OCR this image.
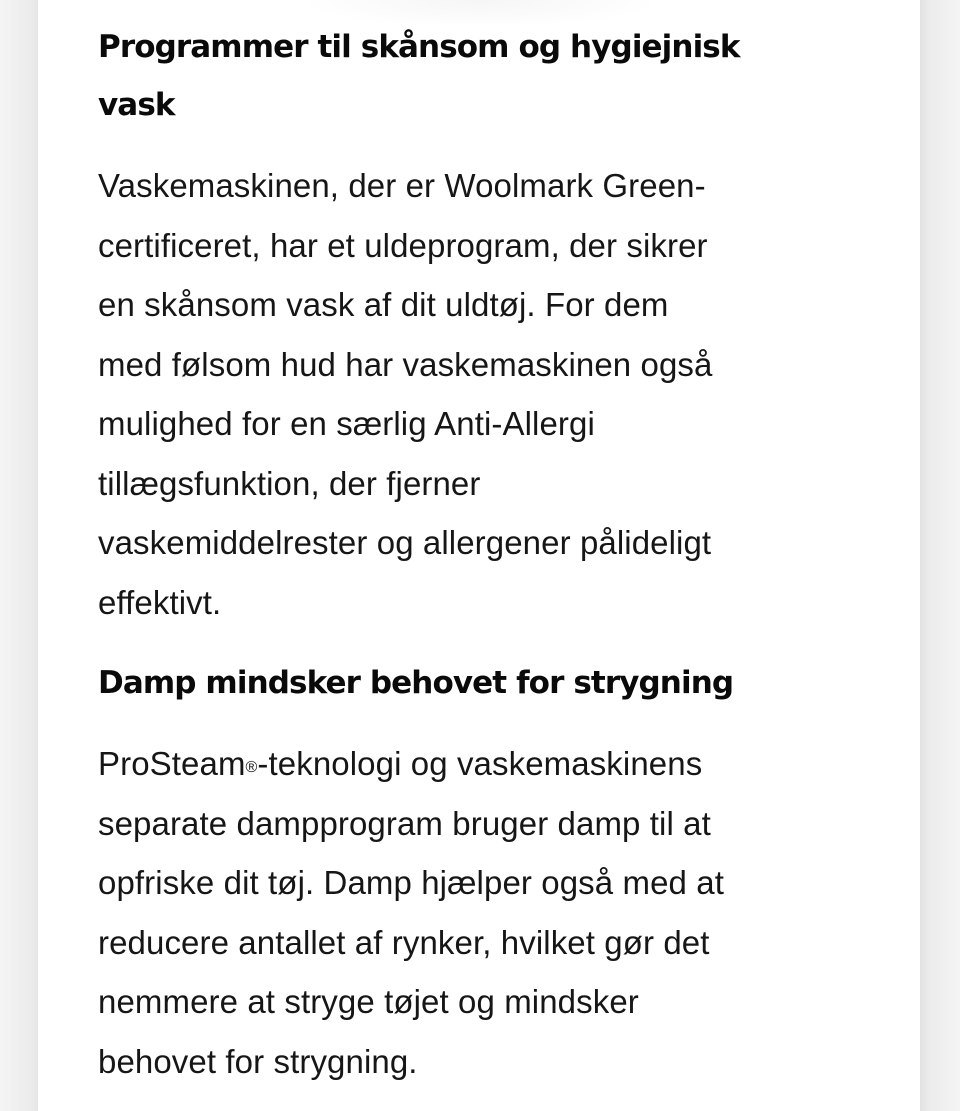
Programmer til skånsom og hygiejnisk
vask

Vaskemaskinen, der er Woolmark Green-
certificeret, har et uldeprogram, der sikrer
en skånsom vask af dit uldtøj. For dem
med følsom hud har vaskemaskinen også
mulighed for en særlig Anti-Allergi
tillægsfunktion, der fjerner
vaskemiddelrester og allergener pålideligt
effektivt.

Damp mindsker behovet for strygning

ProSteam®-teknologi og vaskemaskinens
separate dampprogram bruger damp til at
opfriske dit tøj. Damp hjælper også med at
reducere antallet af rynker, hvilket gør det
nemmere at stryge tøjet og mindsker
behovet for strygning.
